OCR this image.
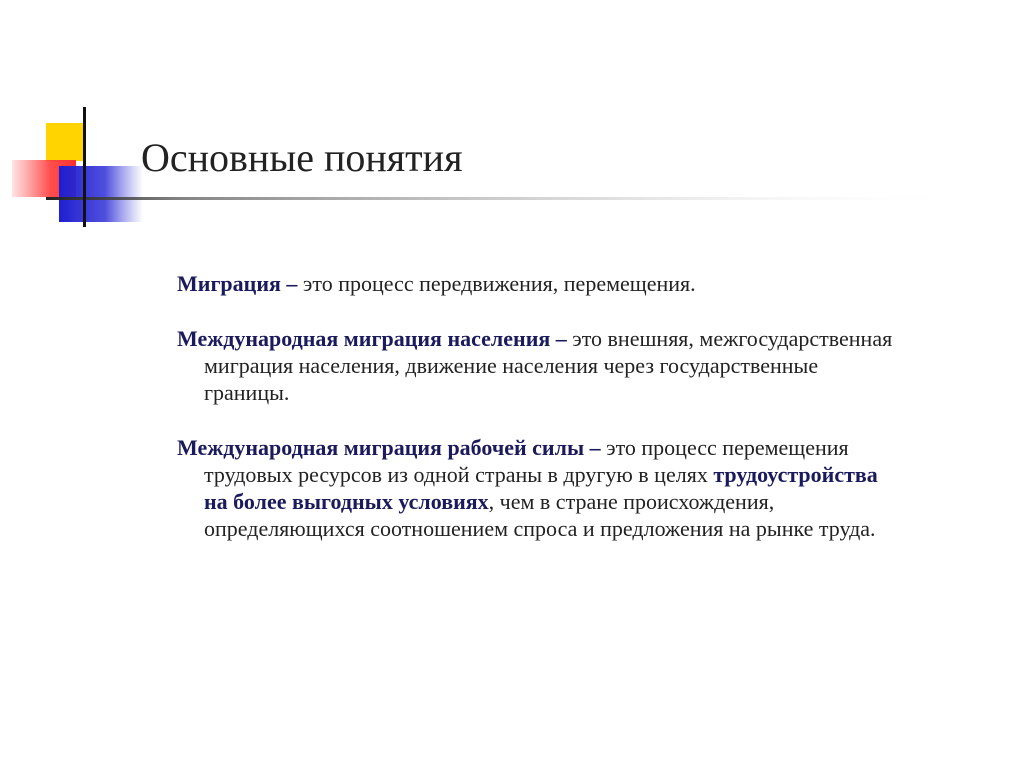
Основные понятия

Миграция – это процесс передвижения, перемещения.

Международная миграция населения – это внешняя, межгосударственная миграция населения, движение населения через государственные границы.

Международная миграция рабочей силы – это процесс перемещения трудовых ресурсов из одной страны в другую в целях трудоустройства на более выгодных условиях, чем в стране происхождения, определяющихся соотношением спроса и предложения на рынке труда.
